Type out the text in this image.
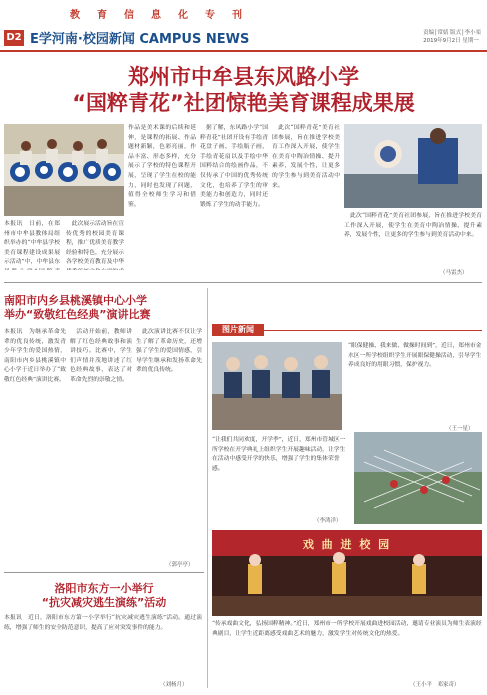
教育信息化专刊
D2 E学河南·校园新闻 CAMPUS NEWS	责编│常婧 版式│李小栾
2019年9月2日 星期一
郑州市中牟县东风路小学
“国粹青花”社团惊艳美育课程成果展
本报讯　日前，在郑州市中牟县教体局组织举办的“中牟县学校美育课程建设成果展示活动”中，中牟县东
　此次展示活动旨在宣传优秀的校园美育课程，推广优质美育教学经验和特色，充分展示各学校美育教育及中华
作品是美术课的后续和延伸，是课程的拓展、作品题材新颖，色彩亮丽，作品丰富、形态多样，充分展示了学校的特色课程开展，呈现了学生在校的能力，同时也发现了问题，值得全校师生学习和借鉴。
　据了解，东风路小学“国粹青花”社团开设有手绘青花盘子画、手绘瓶子画，手绘青花扇以及手绘中华国粹结合的绘画作品，不仅传承了中国的优秀传统文化，也培养了学生的审美能力和创造力，同时还锻炼了学生的动手能力。
　此次“国粹青花”美育社团参展，旨在推进学校美育工作深入开展，使学生在美育中陶冶情操、提升素养，发展个性，让更多的学生参与到美育活动中来。
　此次“国粹青花”美育社团参展，旨在推进学校美育工作深入开展，使学生在美育中陶冶情操、提升素养，发展个性，让更多的学生参与到美育活动中来。
（马雷杰）
南阳市内乡县桃溪镇中心小学
举办“致敬红色经典”演讲比赛
本报讯　为继承革命先辈的优良传统，激发青少年学生的爱国热情，南阳市内乡县桃溪镇中心小学于近日举办了“致敬红色经典”演讲比赛。
　活动开始前，教师讲解了红色经典故事和演讲技巧。比赛中，学生们声情并茂地讲述了红色经典故事，表达了对革命先烈的崇敬之情。
　此次演讲比赛不仅让学生了解了革命历史，还增强了学生的爱国情感，引导学生继承和发扬革命先辈的优良传统。
（郭亭亭）
洛阳市东方一小举行
“抗灾减灾逃生演练”活动
本报讯　近日，洛阳市东方第一小学举行“抗灾减灾逃生演练”活动。通过演练，增强了师生的安全防范意识，提高了应对突发事件的能力。
（刘杨月）
图片新闻
“眼保健操、我来做、做操时间到”，近日，郑州市金水区一所学校组织学生开展眼保健操活动，引导学生养成良好的用眼习惯，保护视力。
（王一星）
“让我们共同欢度，开学季”，近日，郑州市管城区一所学校在开学典礼上组织学生开展趣味活动，让学生在活动中感受开学的快乐，增强了学生的集体荣誉感。
（李鸿洋）
戏 曲 进 校 园
“传承戏曲文化，弘扬国粹精神。”近日，郑州市一所学校开展戏曲进校园活动，邀请专业演员为师生表演经典剧目，让学生近距离感受戏曲艺术的魅力，激发学生对传统文化的热爱。
（王小平　邓家奇）
